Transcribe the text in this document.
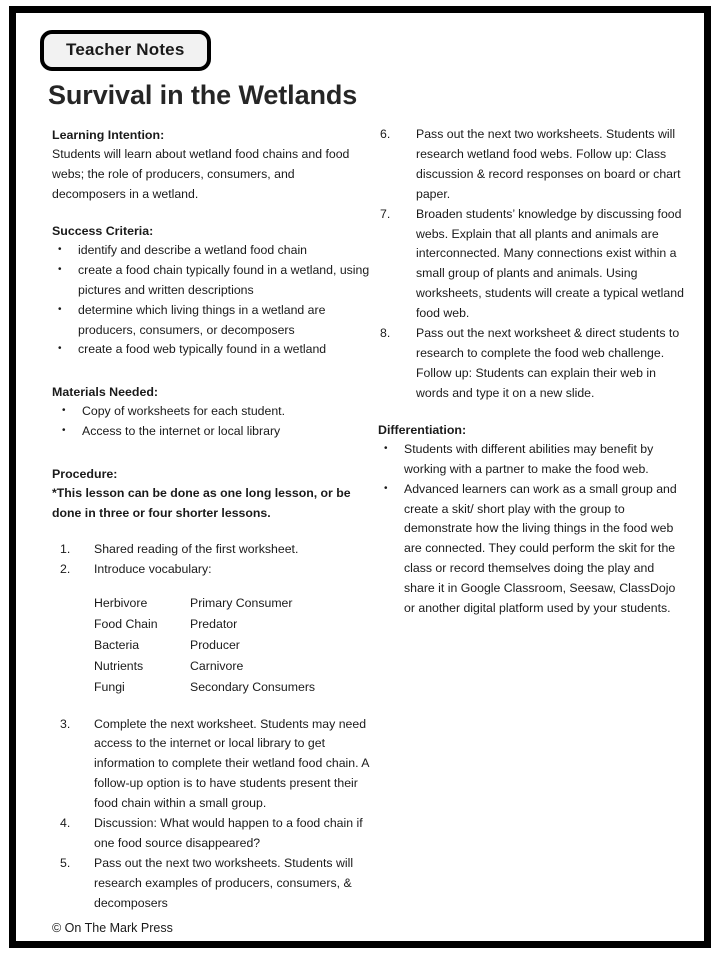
Teacher Notes
Survival in the Wetlands
Learning Intention:
Students will learn about wetland food chains and food webs; the role of producers, consumers, and decomposers in a wetland.
Success Criteria:
• identify and describe a wetland food chain
• create a food chain typically found in a wetland, using pictures and written descriptions
• determine which living things in a wetland are producers, consumers, or decomposers
• create a food web typically found in a wetland
Materials Needed:
• Copy of worksheets for each student.
• Access to the internet or local library
Procedure:
*This lesson can be done as one long lesson, or be done in three or four shorter lessons.
1.	Shared reading of the first worksheet.
2.	Introduce vocabulary:
Herbivore	Primary Consumer
Food Chain	Predator
Bacteria	Producer
Nutrients	Carnivore
Fungi	Secondary Consumers
3.	Complete the next worksheet. Students may need access to the internet or local library to get information to complete their wetland food chain. A follow-up option is to have students present their food chain within a small group.
4.	Discussion: What would happen to a food chain if one food source disappeared?
5.	Pass out the next two worksheets. Students will research examples of producers, consumers, & decomposers
6.	Pass out the next two worksheets. Students will research wetland food webs. Follow up: Class discussion & record responses on board or chart paper.
7.	Broaden students’ knowledge by discussing food webs. Explain that all plants and animals are interconnected. Many connections exist within a small group of plants and animals. Using worksheets, students will create a typical wetland food web.
8.	Pass out the next worksheet & direct students to research to complete the food web challenge. Follow up: Students can explain their web in words and type it on a new slide.
Differentiation:
• Students with different abilities may benefit by working with a partner to make the food web.
• Advanced learners can work as a small group and create a skit/ short play with the group to demonstrate how the living things in the food web are connected. They could perform the skit for the class or record themselves doing the play and share it in Google Classroom, Seesaw, ClassDojo or another digital platform used by your students.
© On The Mark Press
